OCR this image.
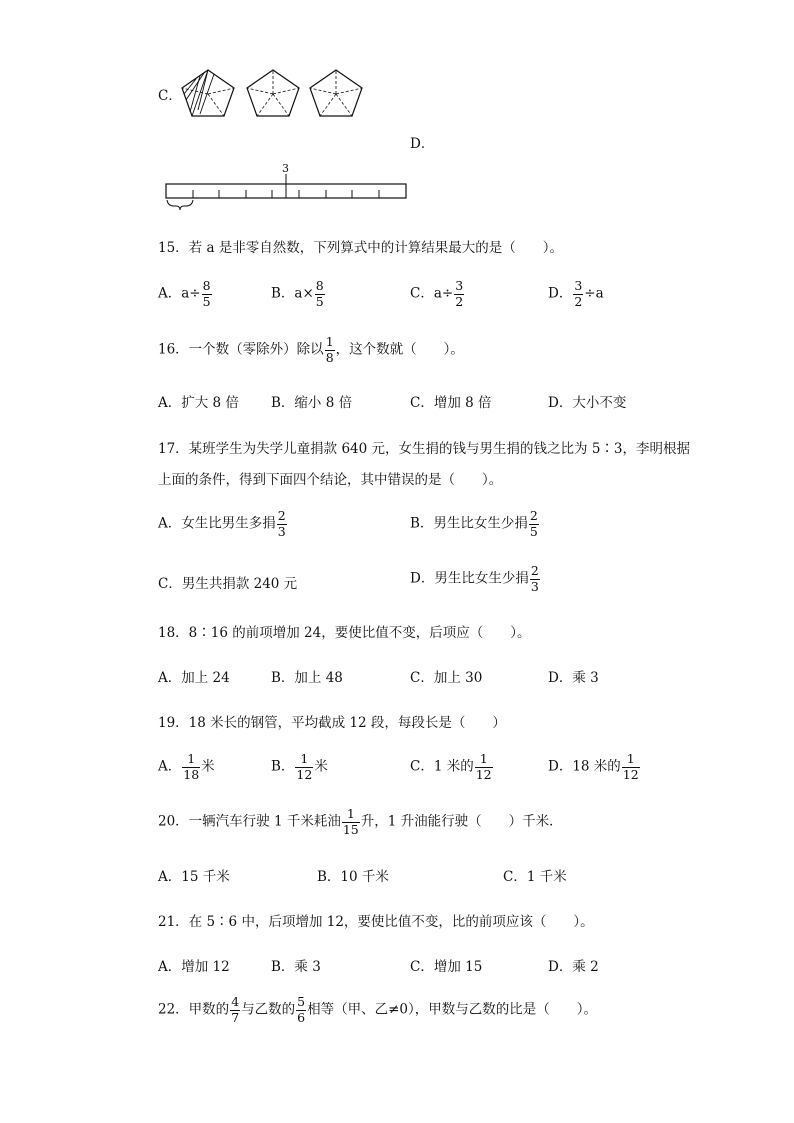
C．
D．
3
15．若 a 是非零自然数，下列算式中的计算结果最大的是（　　）。
A．$a\div \frac{8}{5}$	B．$a\times \frac{8}{5}$	C．$a\div \frac{3}{2}$	D． $\frac{3}{2} \div a$
16．一个数（零除外）除以 $\frac{1}{8}$ ，这个数就（　　）。
A．扩大 8 倍 B．缩小 8 倍	C．增加 8 倍	D．大小不变
17．某班学生为失学儿童捐款 640 元，女生捐的钱与男生捐的钱之比为 5∶3，李明根据
上面的条件，得到下面四个结论，其中错误的是（　　）。
A．女生比男生多捐 $\frac{2}{3}$	B．男生比女生少捐 $\frac{2}{5}$
C．男生共捐款 240 元	D．男生比女生少捐 $\frac{2}{3}$
18．8∶16 的前项增加 24，要使比值不变，后项应（　　）。
A．加上 24	B．加上 48	C．加上 30	D．乘 3
19．18 米长的钢管，平均截成 12 段，每段长是（　　）
A． $\frac{1}{18}$ 米	B． $\frac{1}{12}$ 米	C．1 米的 $\frac{1}{12}$	D．18 米的 $\frac{1}{12}$
20．一辆汽车行驶 1 千米耗油 $\frac{1}{15}$ 升，1 升油能行驶（　　）千米．
A．15 千米	B．10 千米	C．1 千米
21．在 5∶6 中，后项增加 12，要使比值不变，比的前项应该（　　）。
A．增加 12	B．乘 3	C．增加 15	D．乘 2
22．甲数的 $\frac{4}{7}$ 与乙数的 $\frac{5}{6}$ 相等（甲、乙≠0），甲数与乙数的比是（　　）。
